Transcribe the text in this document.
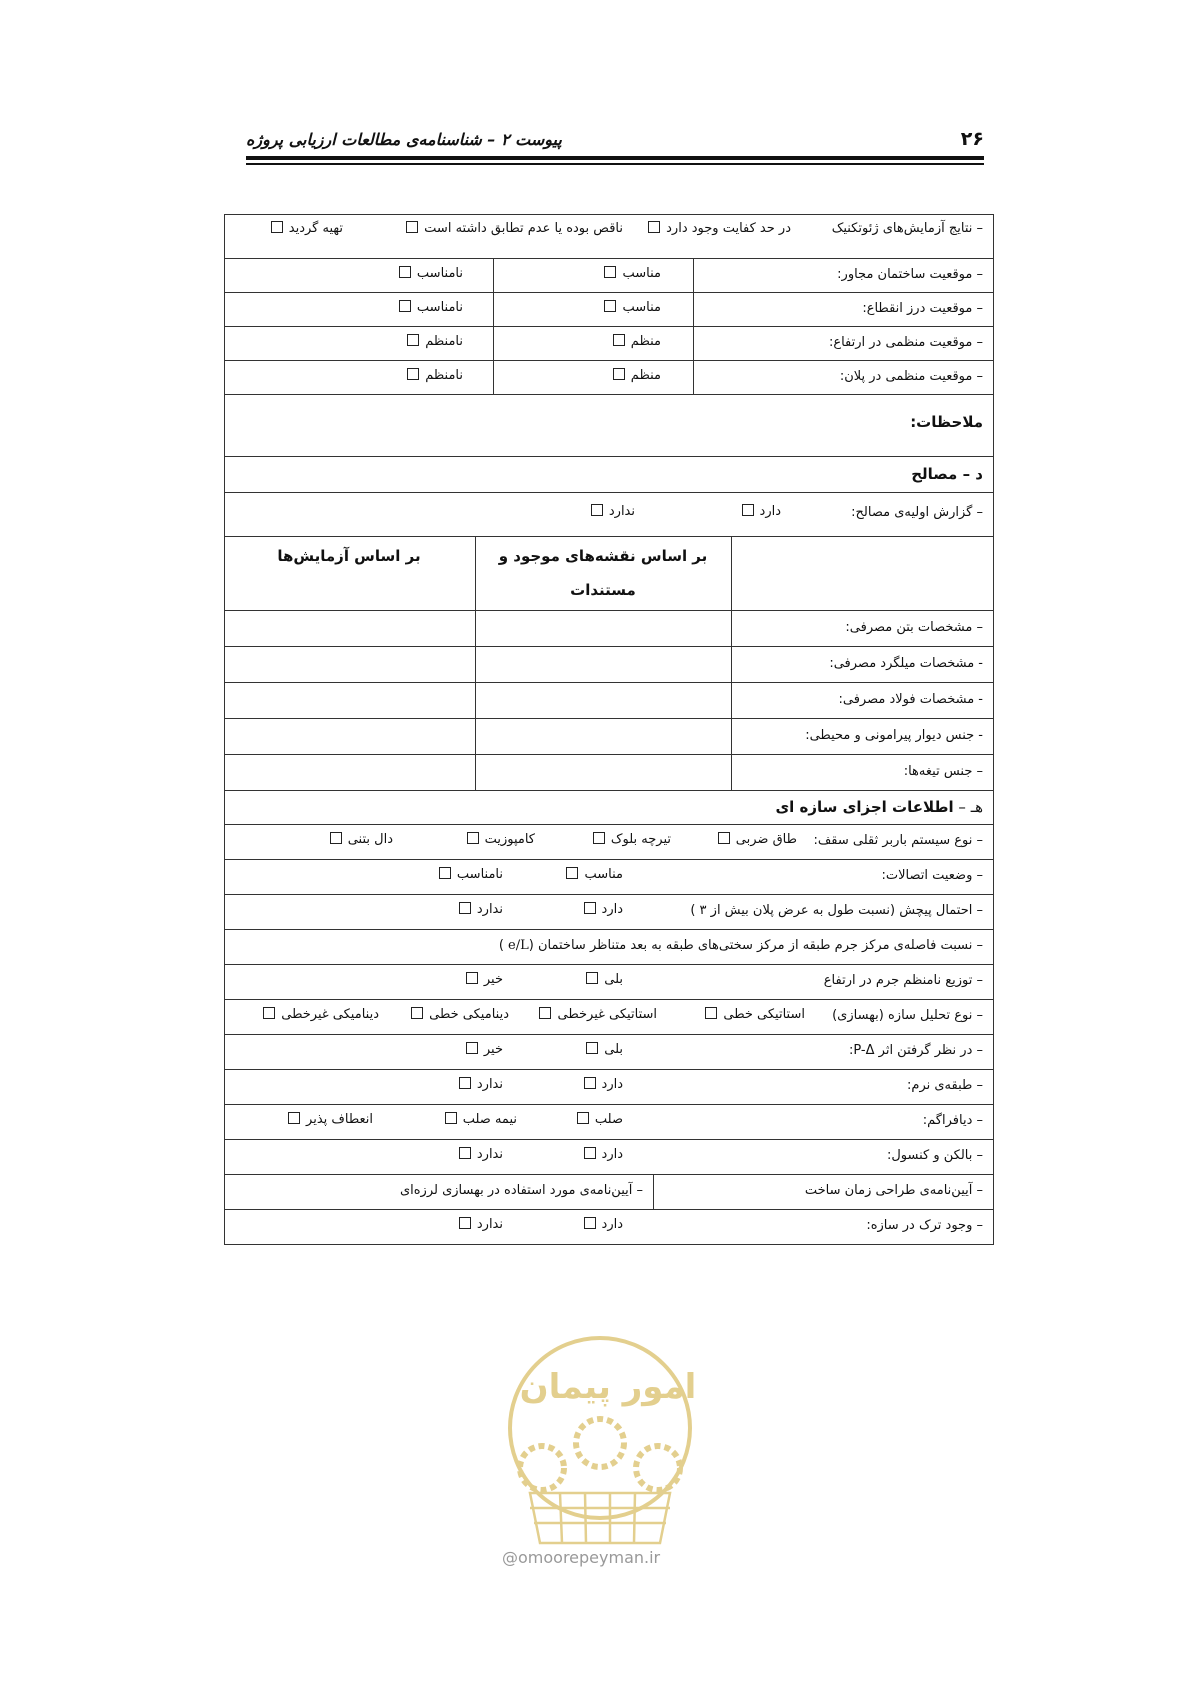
۲۶
پیوست ۲ – شناسنامه‌ی مطالعات ارزیابی پروژه
– نتایج آزمایش‌های ژئوتکنیک
در حد کفایت وجود دارد
ناقص بوده یا عدم تطابق داشته است
تهیه گردید
– موقعیت ساختمان مجاور:
مناسب
نامناسب
– موقعیت درز انقطاع:
مناسب
نامناسب
– موقعیت منظمی در ارتفاع:
منظم
نامنظم
– موقعیت منظمی در پلان:
منظم
نامنظم
ملاحظات:
د – مصالح
– گزارش اولیه‌ی مصالح:
دارد
ندارد
بر اساس نقشه‌های موجود و
مستندات
بر اساس آزمایش‌ها
– مشخصات بتن مصرفی:
- مشخصات میلگرد مصرفی:
- مشخصات فولاد مصرفی:
- جنس دیوار پیرامونی و محیطی:
– جنس تیغه‌ها:
هـ – اطلاعات اجزای سازه ای
– نوع سیستم باربر ثقلی سقف:
طاق ضربی
تیرچه بلوک
کامپوزیت
دال بتنی
– وضعیت اتصالات:
مناسب
نامناسب
– احتمال پیچش (نسبت طول به عرض پلان بیش از ۳ )
دارد
ندارد
– نسبت فاصله‌ی مرکز جرم طبقه از مرکز سختی‌های طبقه به بعد متناظر ساختمان (e/L )
– توزیع نامنظم جرم در ارتفاع
بلی
خیر
– نوع تحلیل سازه (بهسازی)
استاتیکی خطی
استاتیکی غیرخطی
دینامیکی خطی
دینامیکی غیرخطی
– در نظر گرفتن اثر P-Δ:
بلی
خیر
– طبقه‌ی نرم:
دارد
ندارد
– دیافراگم:
صلب
نیمه صلب
انعطاف پذیر
– بالکن و کنسول:
دارد
ندارد
– آیین‌نامه‌ی طراحی زمان ساخت
– آیین‌نامه‌ی مورد استفاده در بهسازی لرزه‌ای
– وجود ترک در سازه:
دارد
ندارد
امور پیمان
@omoorepeyman.ir
